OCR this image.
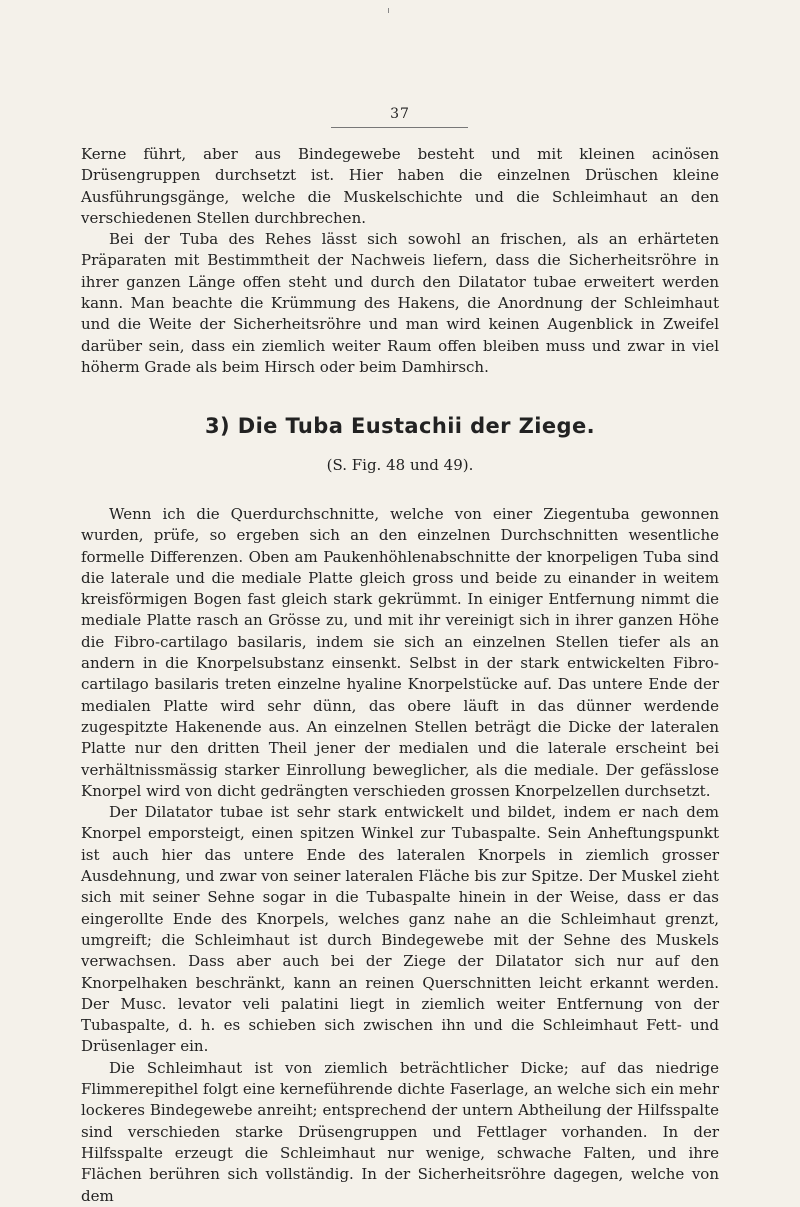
37

Kerne führt, aber aus Bindegewebe besteht und mit kleinen acinösen Drüsengruppen durchsetzt ist. Hier haben die einzelnen Drüschen kleine Ausführungsgänge, welche die Muskelschichte und die Schleimhaut an den verschiedenen Stellen durchbrechen.

Bei der Tuba des Rehes lässt sich sowohl an frischen, als an erhärteten Präparaten mit Bestimmtheit der Nachweis liefern, dass die Sicherheitsröhre in ihrer ganzen Länge offen steht und durch den Dilatator tubae erweitert werden kann. Man beachte die Krümmung des Hakens, die Anordnung der Schleimhaut und die Weite der Sicherheitsröhre und man wird keinen Augenblick in Zweifel darüber sein, dass ein ziemlich weiter Raum offen bleiben muss und zwar in viel höherm Grade als beim Hirsch oder beim Damhirsch.

3) Die Tuba Eustachii der Ziege.
(S. Fig. 48 und 49).

Wenn ich die Querdurchschnitte, welche von einer Ziegentuba gewonnen wurden, prüfe, so ergeben sich an den einzelnen Durchschnitten wesentliche formelle Differenzen. Oben am Paukenhöhlenabschnitte der knorpeligen Tuba sind die laterale und die mediale Platte gleich gross und beide zu einander in weitem kreisförmigen Bogen fast gleich stark gekrümmt. In einiger Entfernung nimmt die mediale Platte rasch an Grösse zu, und mit ihr vereinigt sich in ihrer ganzen Höhe die Fibro-cartilago basilaris, indem sie sich an einzelnen Stellen tiefer als an andern in die Knorpelsubstanz einsenkt. Selbst in der stark entwickelten Fibro-cartilago basilaris treten einzelne hyaline Knorpelstücke auf. Das untere Ende der medialen Platte wird sehr dünn, das obere läuft in das dünner werdende zugespitzte Hakenende aus. An einzelnen Stellen beträgt die Dicke der lateralen Platte nur den dritten Theil jener der medialen und die laterale erscheint bei verhältnissmässig starker Einrollung beweglicher, als die mediale. Der gefässlose Knorpel wird von dicht gedrängten verschieden grossen Knorpelzellen durchsetzt.

Der Dilatator tubae ist sehr stark entwickelt und bildet, indem er nach dem Knorpel emporsteigt, einen spitzen Winkel zur Tubaspalte. Sein Anheftungspunkt ist auch hier das untere Ende des lateralen Knorpels in ziemlich grosser Ausdehnung, und zwar von seiner lateralen Fläche bis zur Spitze. Der Muskel zieht sich mit seiner Sehne sogar in die Tubaspalte hinein in der Weise, dass er das eingerollte Ende des Knorpels, welches ganz nahe an die Schleimhaut grenzt, umgreift; die Schleimhaut ist durch Bindegewebe mit der Sehne des Muskels verwachsen. Dass aber auch bei der Ziege der Dilatator sich nur auf den Knorpelhaken beschränkt, kann an reinen Querschnitten leicht erkannt werden. Der Musc. levator veli palatini liegt in ziemlich weiter Entfernung von der Tubaspalte, d. h. es schieben sich zwischen ihn und die Schleimhaut Fett- und Drüsenlager ein.

Die Schleimhaut ist von ziemlich beträchtlicher Dicke; auf das niedrige Flimmerepithel folgt eine kerneführende dichte Faserlage, an welche sich ein mehr lockeres Bindegewebe anreiht; entsprechend der untern Abtheilung der Hilfsspalte sind verschieden starke Drüsengruppen und Fettlager vorhanden. In der Hilfsspalte erzeugt die Schleimhaut nur wenige, schwache Falten, und ihre Flächen berühren sich vollständig. In der Sicherheitsröhre dagegen, welche von dem
